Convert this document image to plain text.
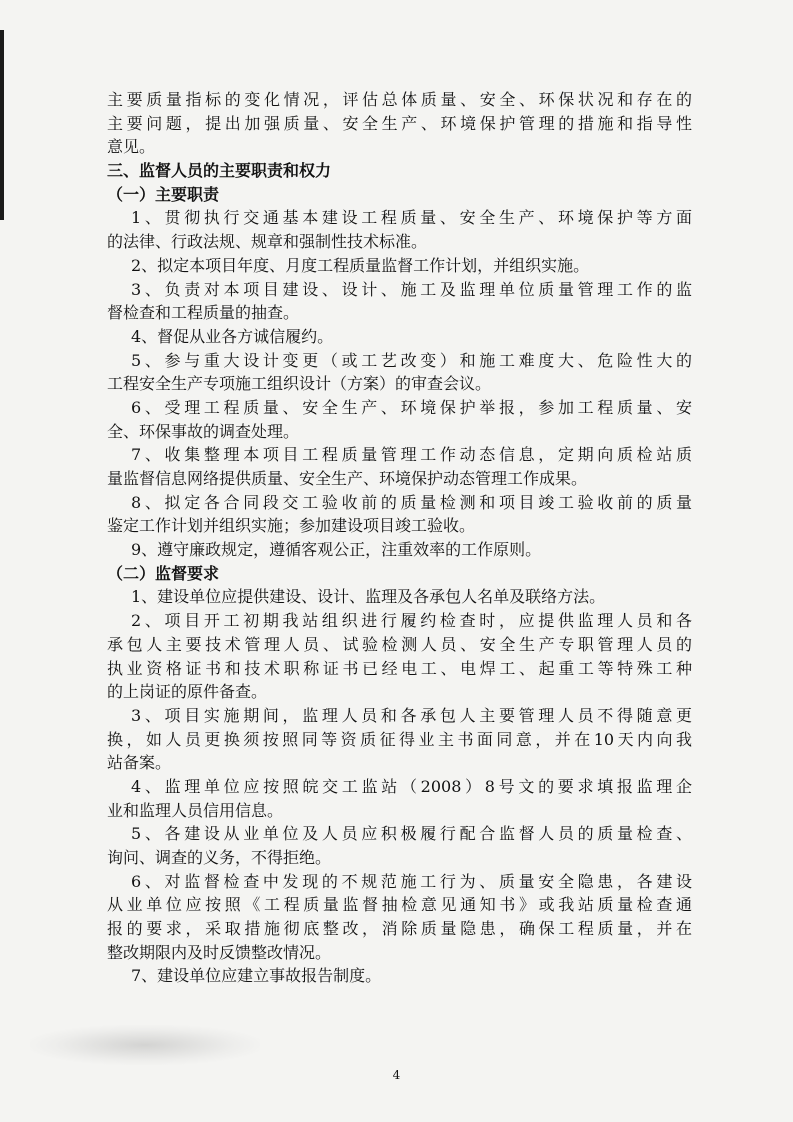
主要质量指标的变化情况，评估总体质量、安全、环保状况和存在的

主要问题，提出加强质量、安全生产、环境保护管理的措施和指导性

意见。

三、监督人员的主要职责和权力

（一）主要职责

1、贯彻执行交通基本建设工程质量、安全生产、环境保护等方面

的法律、行政法规、规章和强制性技术标准。

2、拟定本项目年度、月度工程质量监督工作计划，并组织实施。

3、负责对本项目建设、设计、施工及监理单位质量管理工作的监

督检查和工程质量的抽查。

4、督促从业各方诚信履约。

5、参与重大设计变更（或工艺改变）和施工难度大、危险性大的

工程安全生产专项施工组织设计（方案）的审查会议。

6、受理工程质量、安全生产、环境保护举报，参加工程质量、安

全、环保事故的调查处理。

7、收集整理本项目工程质量管理工作动态信息，定期向质检站质

量监督信息网络提供质量、安全生产、环境保护动态管理工作成果。

8、拟定各合同段交工验收前的质量检测和项目竣工验收前的质量

鉴定工作计划并组织实施；参加建设项目竣工验收。

9、遵守廉政规定，遵循客观公正，注重效率的工作原则。

（二）监督要求

1、建设单位应提供建设、设计、监理及各承包人名单及联络方法。

2、项目开工初期我站组织进行履约检查时，应提供监理人员和各

承包人主要技术管理人员、试验检测人员、安全生产专职管理人员的

执业资格证书和技术职称证书已经电工、电焊工、起重工等特殊工种

的上岗证的原件备查。

3、项目实施期间，监理人员和各承包人主要管理人员不得随意更

换，如人员更换须按照同等资质征得业主书面同意，并在10天内向我

站备案。

4、监理单位应按照皖交工监站（2008）8号文的要求填报监理企

业和监理人员信用信息。

5、各建设从业单位及人员应积极履行配合监督人员的质量检查、

询问、调查的义务，不得拒绝。

6、对监督检查中发现的不规范施工行为、质量安全隐患，各建设

从业单位应按照《工程质量监督抽检意见通知书》或我站质量检查通

报的要求，采取措施彻底整改，消除质量隐患，确保工程质量，并在

整改期限内及时反馈整改情况。

7、建设单位应建立事故报告制度。

4
